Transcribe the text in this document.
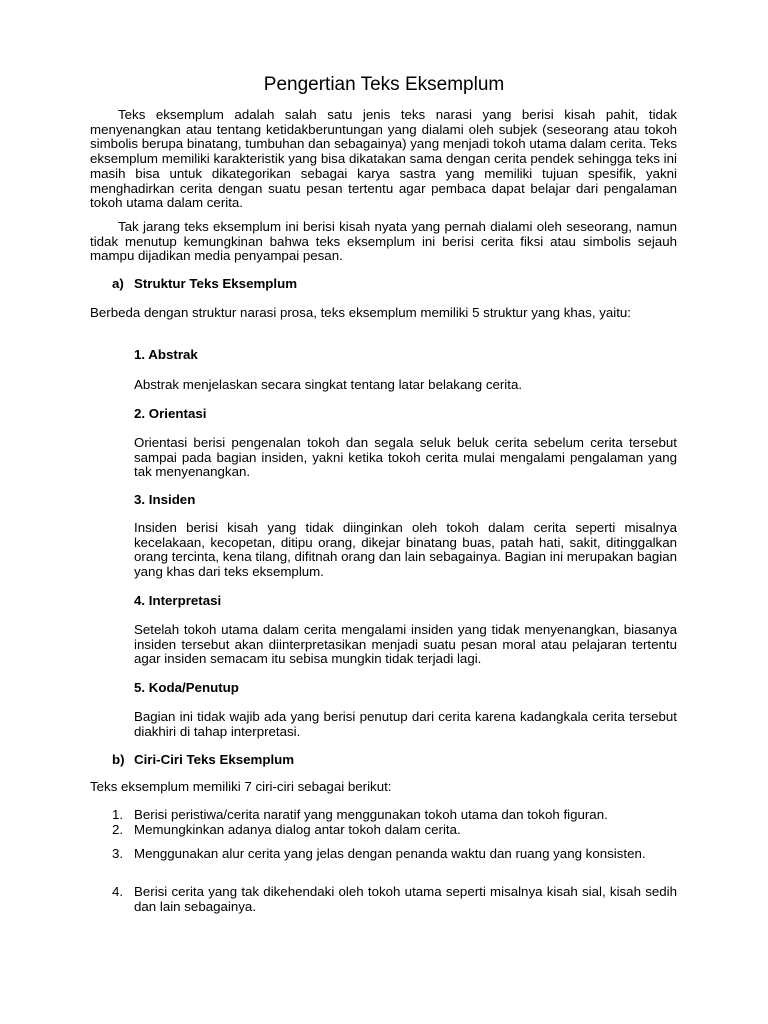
Pengertian Teks Eksemplum

Teks eksemplum adalah salah satu jenis teks narasi yang berisi kisah pahit, tidak menyenangkan atau tentang ketidakberuntungan yang dialami oleh subjek (seseorang atau tokoh simbolis berupa binatang, tumbuhan dan sebagainya) yang menjadi tokoh utama dalam cerita. Teks eksemplum memiliki karakteristik yang bisa dikatakan sama dengan cerita pendek sehingga teks ini masih bisa untuk dikategorikan sebagai karya sastra yang memiliki tujuan spesifik, yakni menghadirkan cerita dengan suatu pesan tertentu agar pembaca dapat belajar dari pengalaman tokoh utama dalam cerita.

Tak jarang teks eksemplum ini berisi kisah nyata yang pernah dialami oleh seseorang, namun tidak menutup kemungkinan bahwa teks eksemplum ini berisi cerita fiksi atau simbolis sejauh mampu dijadikan media penyampai pesan.

a) Struktur Teks Eksemplum

Berbeda dengan struktur narasi prosa, teks eksemplum memiliki 5 struktur yang khas, yaitu:

1. Abstrak

Abstrak menjelaskan secara singkat tentang latar belakang cerita.

2. Orientasi

Orientasi berisi pengenalan tokoh dan segala seluk beluk cerita sebelum cerita tersebut sampai pada bagian insiden, yakni ketika tokoh cerita mulai mengalami pengalaman yang tak menyenangkan.

3. Insiden

Insiden berisi kisah yang tidak diinginkan oleh tokoh dalam cerita seperti misalnya kecelakaan, kecopetan, ditipu orang, dikejar binatang buas, patah hati, sakit, ditinggalkan orang tercinta, kena tilang, difitnah orang dan lain sebagainya. Bagian ini merupakan bagian yang khas dari teks eksemplum.

4. Interpretasi

Setelah tokoh utama dalam cerita mengalami insiden yang tidak menyenangkan, biasanya insiden tersebut akan diinterpretasikan menjadi suatu pesan moral atau pelajaran tertentu agar insiden semacam itu sebisa mungkin tidak terjadi lagi.

5. Koda/Penutup

Bagian ini tidak wajib ada yang berisi penutup dari cerita karena kadangkala cerita tersebut diakhiri di tahap interpretasi.

b) Ciri-Ciri Teks Eksemplum

Teks eksemplum memiliki 7 ciri-ciri sebagai berikut:

1. Berisi peristiwa/cerita naratif yang menggunakan tokoh utama dan tokoh figuran.
2. Memungkinkan adanya dialog antar tokoh dalam cerita.
3. Menggunakan alur cerita yang jelas dengan penanda waktu dan ruang yang konsisten.
4. Berisi cerita yang tak dikehendaki oleh tokoh utama seperti misalnya kisah sial, kisah sedih dan lain sebagainya.
